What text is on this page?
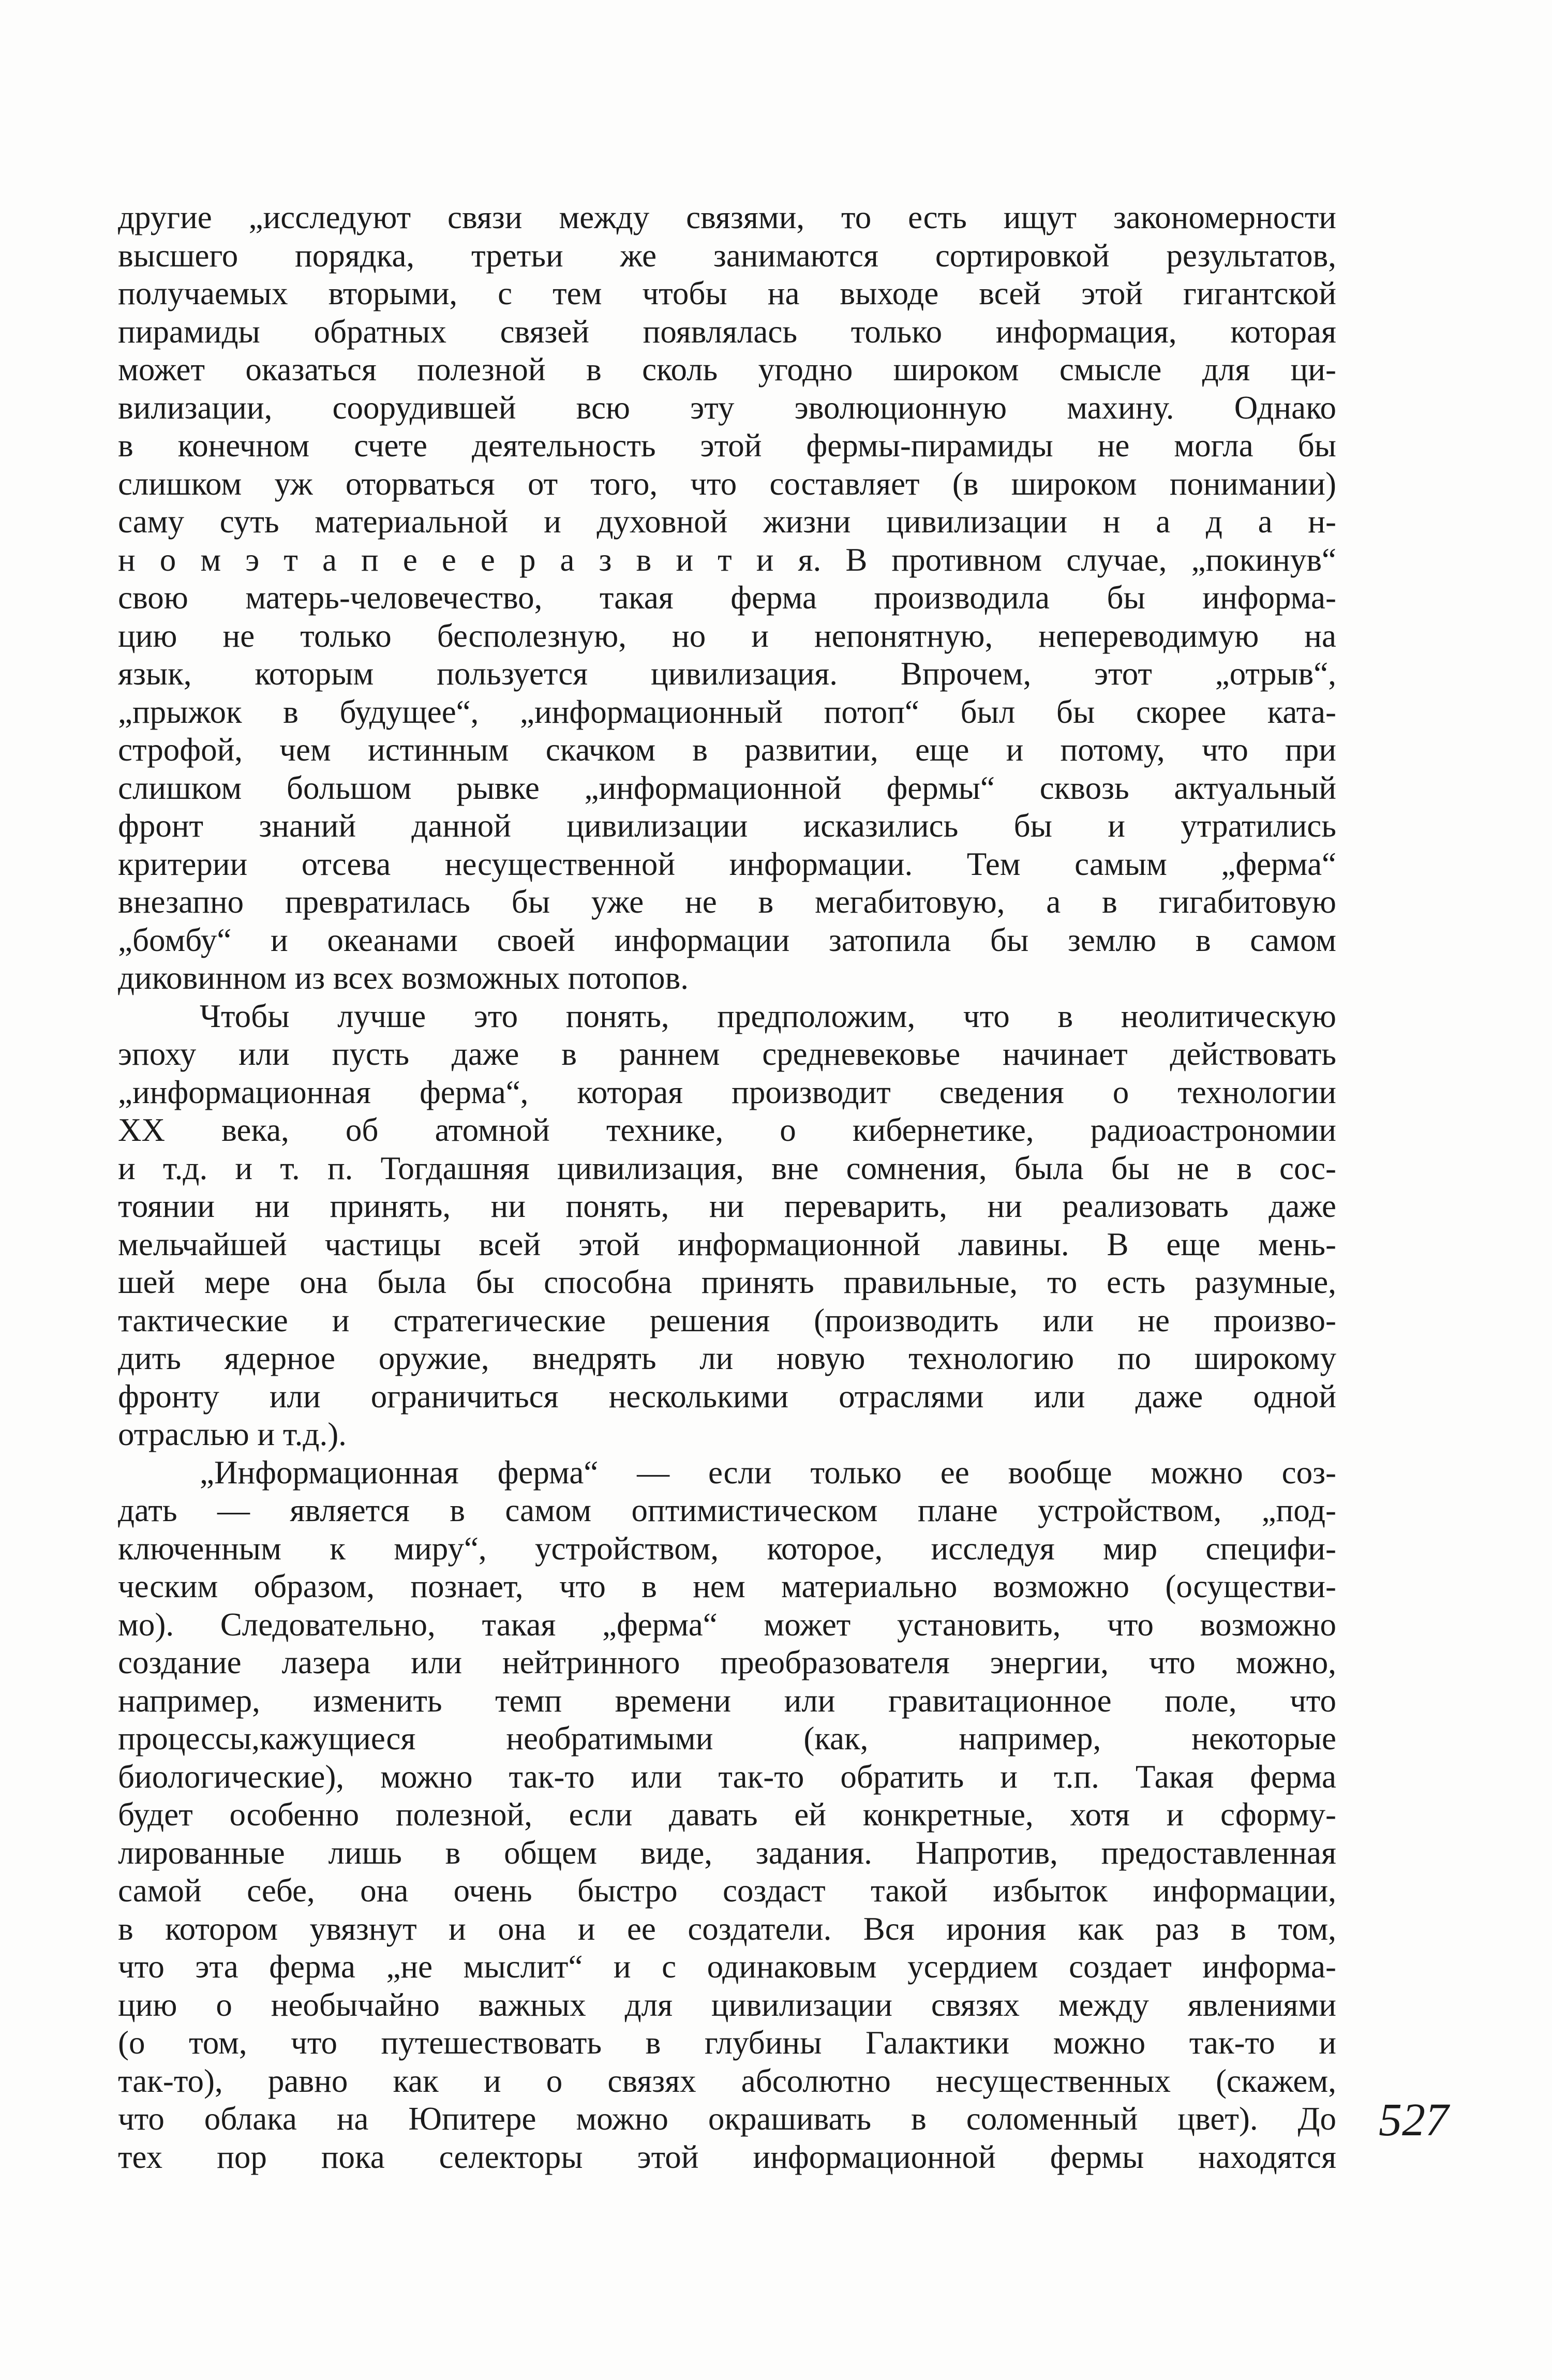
другие „исследуют связи между связями, то есть ищут закономерности
высшего порядка, третьи же занимаются сортировкой результатов,
получаемых вторыми, с тем чтобы на выходе всей этой гигантской
пирамиды обратных связей появлялась только информация, которая
может оказаться полезной в сколь угодно широком смысле для ци-
вилизации, соорудившей всю эту эволюционную махину. Однако
в конечном счете деятельность этой фермы-пирамиды не могла бы
слишком уж оторваться от того, что составляет (в широком понимании)
саму суть материальной и духовной жизни цивилизации н а д а н-
н о м э т а п е е е р а з в и т и я. В противном случае, „покинув“
свою матерь-человечество, такая ферма производила бы информа-
цию не только бесполезную, но и непонятную, непереводимую на
язык, которым пользуется цивилизация. Впрочем, этот „отрыв“,
„прыжок в будущее“, „информационный потоп“ был бы скорее ката-
строфой, чем истинным скачком в развитии, еще и потому, что при
слишком большом рывке „информационной фермы“ сквозь актуальный
фронт знаний данной цивилизации исказились бы и утратились
критерии отсева несущественной информации. Тем самым „ферма“
внезапно превратилась бы уже не в мегабитовую, а в гигабитовую
„бомбу“ и океанами своей информации затопила бы землю в самом
диковинном из всех возможных потопов.
Чтобы лучше это понять, предположим, что в неолитическую
эпоху или пусть даже в раннем средневековье начинает действовать
„информационная ферма“, которая производит сведения о технологии
XX века, об атомной технике, о кибернетике, радиоастрономии
и т.д. и т. п. Тогдашняя цивилизация, вне сомнения, была бы не в сос-
тоянии ни принять, ни понять, ни переварить, ни реализовать даже
мельчайшей частицы всей этой информационной лавины. В еще мень-
шей мере она была бы способна принять правильные, то есть разумные,
тактические и стратегические решения (производить или не произво-
дить ядерное оружие, внедрять ли новую технологию по широкому
фронту или ограничиться несколькими отраслями или даже одной
отраслью и т.д.).
„Информационная ферма“ — если только ее вообще можно соз-
дать — является в самом оптимистическом плане устройством, „под-
ключенным к миру“, устройством, которое, исследуя мир специфи-
ческим образом, познает, что в нем материально возможно (осуществи-
мо). Следовательно, такая „ферма“ может установить, что возможно
создание лазера или нейтринного преобразователя энергии, что можно,
например, изменить темп времени или гравитационное поле, что
процессы,кажущиеся необратимыми (как, например, некоторые
биологические), можно так-то или так-то обратить и т.п. Такая ферма
будет особенно полезной, если давать ей конкретные, хотя и сформу-
лированные лишь в общем виде, задания. Напротив, предоставленная
самой себе, она очень быстро создаст такой избыток информации,
в котором увязнут и она и ее создатели. Вся ирония как раз в том,
что эта ферма „не мыслит“ и с одинаковым усердием создает информа-
цию о необычайно важных для цивилизации связях между явлениями
(о том, что путешествовать в глубины Галактики можно так-то и
так-то), равно как и о связях абсолютно несущественных (скажем,
что облака на Юпитере можно окрашивать в соломенный цвет). До
тех пор пока селекторы этой информационной фермы находятся
527
